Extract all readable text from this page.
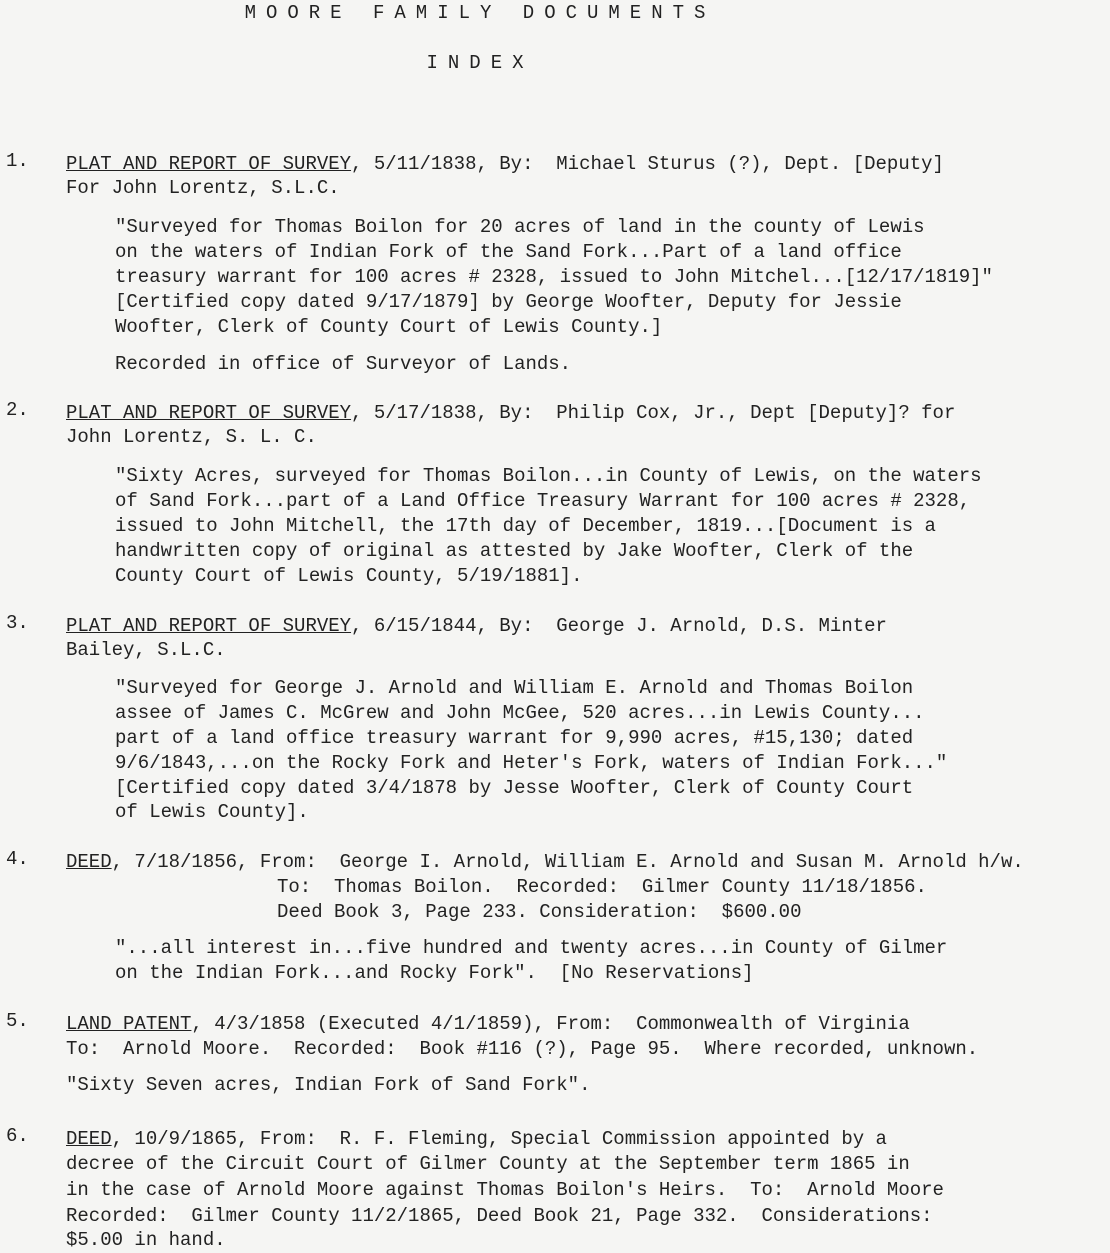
MOORE FAMILY DOCUMENTS
INDEX
1. PLAT AND REPORT OF SURVEY, 5/11/1838, By:  Michael Sturus (?), Dept. [Deputy]
For John Lorentz, S.L.C.
"Surveyed for Thomas Boilon for 20 acres of land in the county of Lewis
on the waters of Indian Fork of the Sand Fork...Part of a land office
treasury warrant for 100 acres # 2328, issued to John Mitchel...[12/17/1819]"
[Certified copy dated 9/17/1879] by George Woofter, Deputy for Jessie
Woofter, Clerk of County Court of Lewis County.]
Recorded in office of Surveyor of Lands.
2. PLAT AND REPORT OF SURVEY, 5/17/1838, By:  Philip Cox, Jr., Dept [Deputy]? for
John Lorentz, S. L. C.
"Sixty Acres, surveyed for Thomas Boilon...in County of Lewis, on the waters
of Sand Fork...part of a Land Office Treasury Warrant for 100 acres # 2328,
issued to John Mitchell, the 17th day of December, 1819...[Document is a
handwritten copy of original as attested by Jake Woofter, Clerk of the
County Court of Lewis County, 5/19/1881].
3. PLAT AND REPORT OF SURVEY, 6/15/1844, By:  George J. Arnold, D.S. Minter
Bailey, S.L.C.
"Surveyed for George J. Arnold and William E. Arnold and Thomas Boilon
assee of James C. McGrew and John McGee, 520 acres...in Lewis County...
part of a land office treasury warrant for 9,990 acres, #15,130; dated
9/6/1843,...on the Rocky Fork and Heter's Fork, waters of Indian Fork..."
[Certified copy dated 3/4/1878 by Jesse Woofter, Clerk of County Court
of Lewis County].
4. DEED, 7/18/1856, From:  George I. Arnold, William E. Arnold and Susan M. Arnold h/w.
To:  Thomas Boilon.  Recorded:  Gilmer County 11/18/1856.
Deed Book 3, Page 233. Consideration:  $600.00
"...all interest in...five hundred and twenty acres...in County of Gilmer
on the Indian Fork...and Rocky Fork".  [No Reservations]
5. LAND PATENT, 4/3/1858 (Executed 4/1/1859), From:  Commonwealth of Virginia
To:  Arnold Moore.  Recorded:  Book #116 (?), Page 95.  Where recorded, unknown.
"Sixty Seven acres, Indian Fork of Sand Fork".
6. DEED, 10/9/1865, From:  R. F. Fleming, Special Commission appointed by a
decree of the Circuit Court of Gilmer County at the September term 1865 in
in the case of Arnold Moore against Thomas Boilon's Heirs.  To:  Arnold Moore
Recorded:  Gilmer County 11/2/1865, Deed Book 21, Page 332.  Considerations:
$5.00 in hand.
